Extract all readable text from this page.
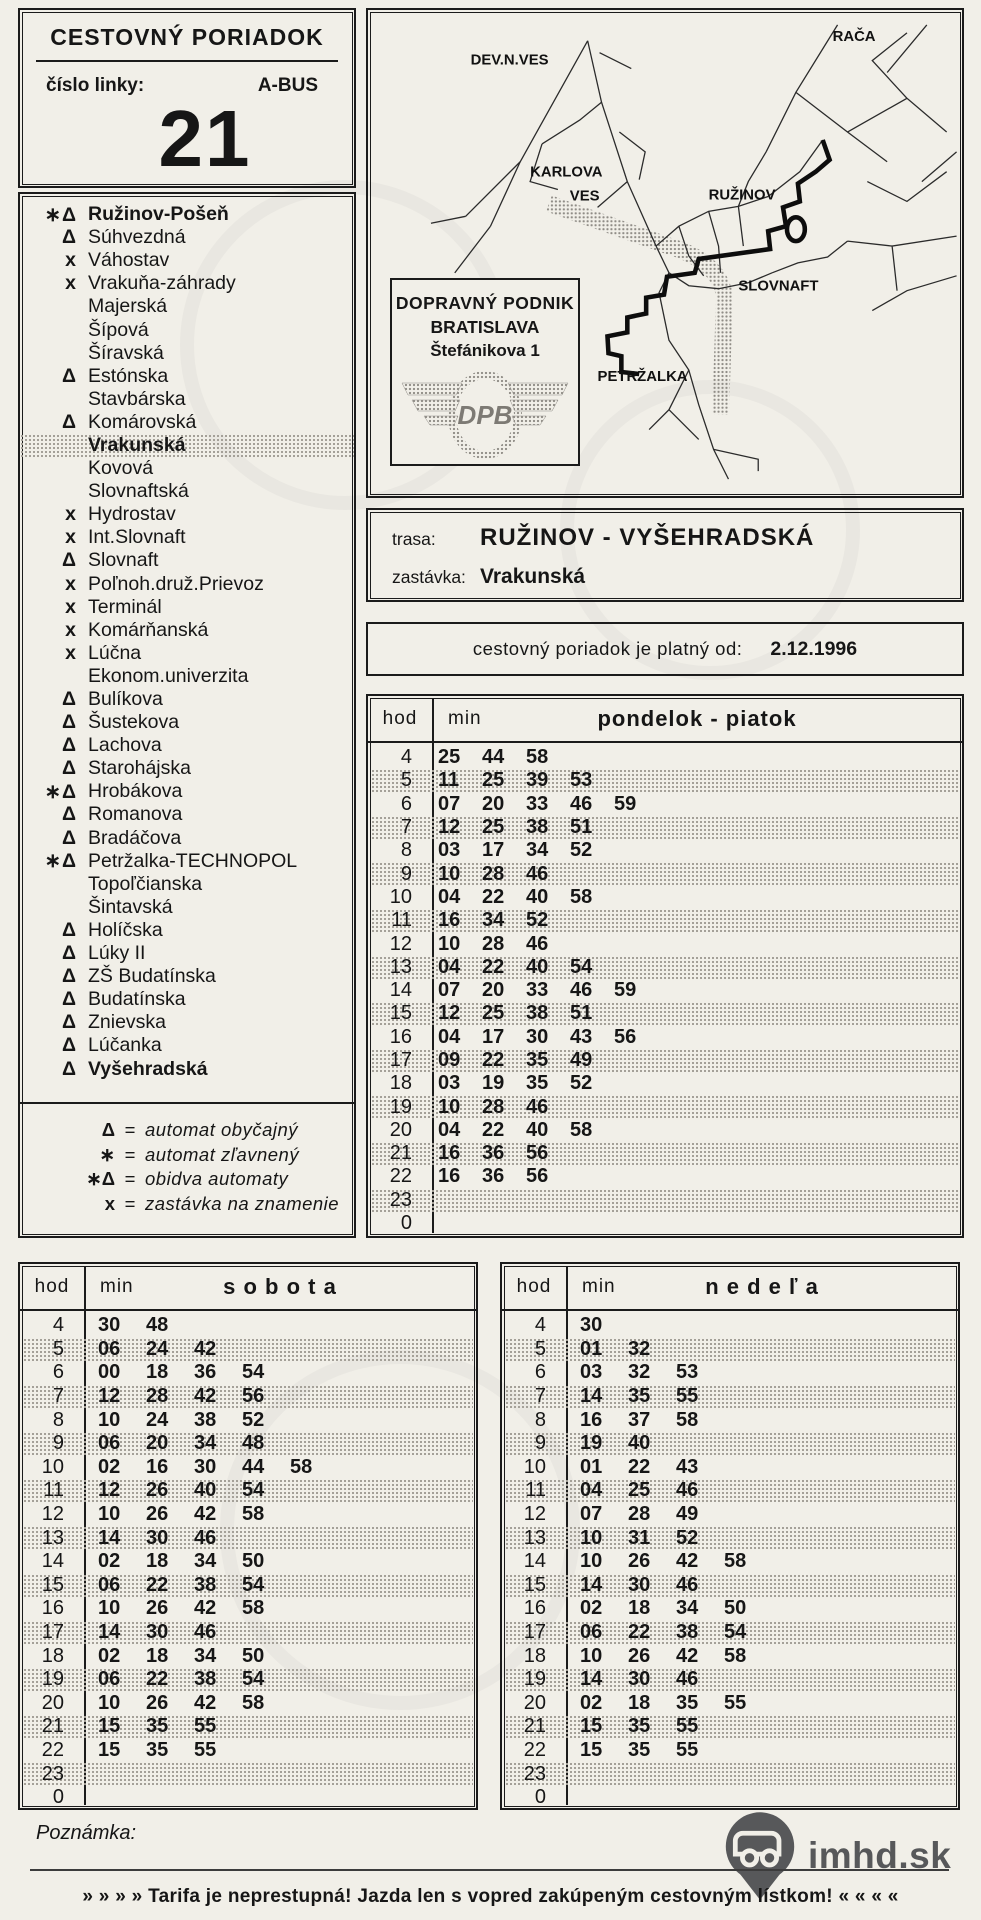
CESTOVNÝ PORIADOK
číslo linky:	A-BUS
21
∗Δ Ružinov-Pošeň
Δ Súhvezdná
x Váhostav
x Vrakuňa-záhrady
Majerská
Šípová
Šíravská
Δ Estónska
Stavbárska
Δ Komárovská
Vrakunská
Kovová
Slovnaftská
x Hydrostav
x Int.Slovnaft
Δ Slovnaft
x Poľnoh.druž.Prievoz
x Terminál
x Komárňanská
x Lúčna
Ekonom.univerzita
Δ Bulíkova
Δ Šustekova
Δ Lachova
Δ Starohájska
∗Δ Hrobákova
Δ Romanova
Δ Bradáčova
∗Δ Petržalka-TECHNOPOL
Topoľčianska
Šintavská
Δ Holíčska
Δ Lúky II
Δ ZŠ Budatínska
Δ Budatínska
Δ Znievska
Δ Lúčanka
Δ Vyšehradská
Δ = automat obyčajný
∗ = automat zľavnený
∗Δ = obidva automaty
x = zastávka na znamenie
DEV.N.VES
RAČA
KARLOVA
VES	RUŽINOV
SLOVNAFT
PETRŽALKA
DOPRAVNÝ PODNIK
BRATISLAVA
Štefánikova 1
DPB
trasa:	RUŽINOV - VYŠEHRADSKÁ
zastávka: Vrakunská
cestovný poriadok je platný od: 2.12.1996
hod	min	pondelok - piatok
4	25	44	58
5	11	25	39	53
6	07	20	33	46	59
7	12	25	38	51
8	03	17	34	52
9	10	28	46
10	04	22	40	58
11	16	34	52
12	10	28	46
13	04	22	40	54
14	07	20	33	46	59
15	12	25	38	51
16	04	17	30	43	56
17	09	22	35	49
18	03	19	35	52
19	10	28	46
20	04	22	40	58
21	16	36	56
22	16	36	56
23
0
hod	min	s o b o t a
4	30	48
5	06	24	42
6	00	18	36	54
7	12	28	42	56
8	10	24	38	52
9	06	20	34	48
10	02	16	30	44	58
11	12	26	40	54
12	10	26	42	58
13	14	30	46
14	02	18	34	50
15	06	22	38	54
16	10	26	42	58
17	14	30	46
18	02	18	34	50
19	06	22	38	54
20	10	26	42	58
21	15	35	55
22	15	35	55
23
0
hod	min	n e d e ľ a
4	30
5	01	32
6	03	32	53
7	14	35	55
8	16	37	58
9	19	40
10	01	22	43
11	04	25	46
12	07	28	49
13	10	31	52
14	10	26	42	58
15	14	30	46
16	02	18	34	50
17	06	22	38	54
18	10	26	42	58
19	14	30	46
20	02	18	35	55
21	15	35	55
22	15	35	55
23
0
Poznámka:
imhd.sk
» » » » Tarifa je neprestupná! Jazda len s vopred zakúpeným cestovným lístkom! « « « «
